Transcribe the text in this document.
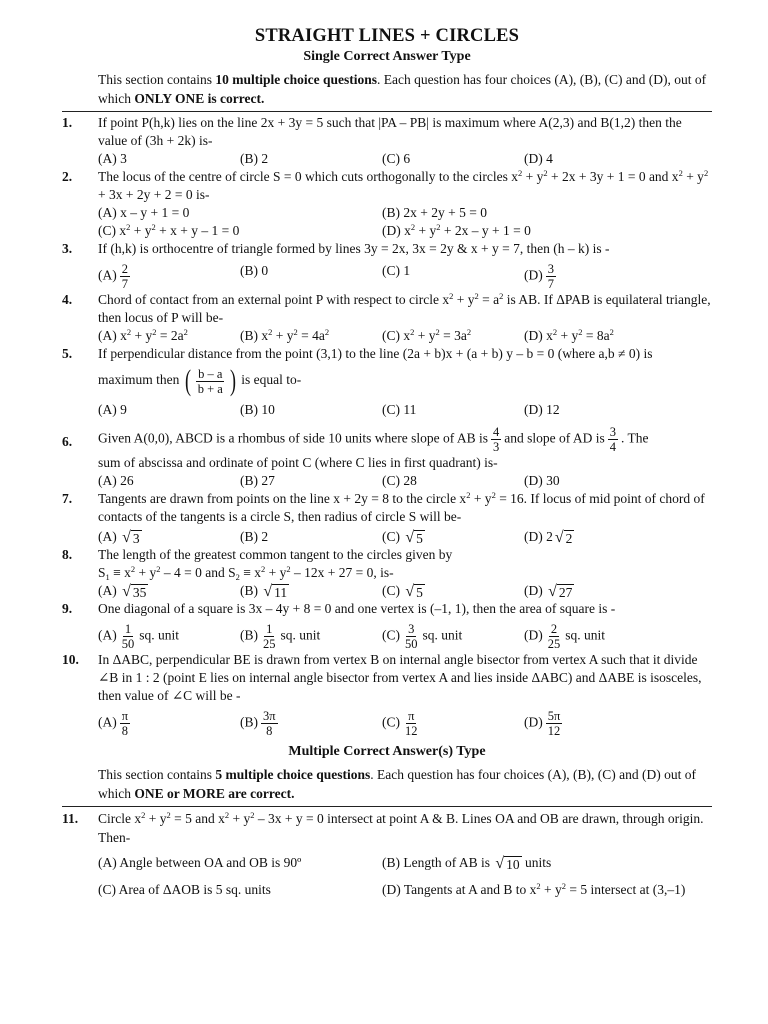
STRAIGHT LINES + CIRCLES
Single Correct Answer Type
This section contains 10 multiple choice questions. Each question has four choices (A), (B), (C) and (D), out of which ONLY ONE is correct.
1.	If point P(h,k) lies on the line 2x + 3y = 5 such that |PA – PB| is maximum where A(2,3) and B(1,2) then the value of (3h + 2k) is-
(A) 3	(B) 2	(C) 6	(D) 4
2.	The locus of the centre of circle S = 0 which cuts orthogonally to the circles $x^2 + y^2 + 2x + 3y + 1 = 0$ and $x^2 + y^2 + 3x + 2y + 2 = 0$ is-
(A) x – y + 1 = 0	(B) 2x + 2y + 5 = 0
(C) $x^2 + y^2 + x + y - 1 = 0$	(D) $x^2 + y^2 + 2x - y + 1 = 0$
3.	If (h,k) is orthocentre of triangle formed by lines 3y = 2x, 3x = 2y & x + y = 7, then (h – k) is -
$(A) \frac{2}{7}$	(B) 0	(C) 1	$(D) \frac{3}{7}$
4.	Chord of contact from an external point P with respect to circle $x^2 + y^2 = a^2$ is AB. If ΔPAB is equilateral triangle, then locus of P will be-
(A) $x^2 + y^2 = 2a^2$	(B) $x^2 + y^2 = 4a^2$	(C) $x^2 + y^2 = 3a^2$	(D) $x^2 + y^2 = 8a^2$
5.	If perpendicular distance from the point (3,1) to the line (2a + b)x + (a + b) y – b = 0 (where a,b ≠ 0) is
maximum then ( $\frac{b - a}{b + a}$ ) is equal to-
(A) 9	(B) 10	(C) 11	(D) 12
6.	Given A(0,0), ABCD is a rhombus of side 10 units where slope of AB is $\frac{4}{3}$ and slope of AD is $\frac{3}{4}$ . The
sum of abscissa and ordinate of point C (where C lies in first quadrant) is-
(A) 26	(B) 27	(C) 28	(D) 30
7.	Tangents are drawn from points on the line x + 2y = 8 to the circle $x^2 + y^2 = 16$. If locus of mid point of chord of contacts of the tangents is a circle S, then radius of circle S will be-
(A) √ 3	(B) 2	(C) √ 5	(D) 2 √ 2
8.	The length of the greatest common tangent to the circles given by
$S_1 \equiv x^2 + y^2 - 4 = 0$ and $S_2 \equiv x^2 + y^2 - 12x + 27 = 0$, is-
(A) √ 35	(B) √ 11	(C) √ 5	(D) √ 27
9.	One diagonal of a square is 3x – 4y + 8 = 0 and one vertex is (–1, 1), then the area of square is -
$(A) \frac{1}{50}$ sq. unit	$(B) \frac{1}{25}$ sq. unit	$(C) \frac{3}{50}$ sq. unit	$(D) \frac{2}{25}$ sq. unit
10.	In ΔABC, perpendicular BE is drawn from vertex B on internal angle bisector from vertex A such that it divide ∠B in 1 : 2 (point E lies on internal angle bisector from vertex A and lies inside ΔABC) and ΔABE is isosceles, then value of ∠C will be -
$(A) \frac{\pi}{8}$	$(B) \frac{3\pi}{8}$	$(C) \frac{\pi}{12}$	$(D) \frac{5\pi}{12}$
Multiple Correct Answer(s) Type
This section contains 5 multiple choice questions. Each question has four choices (A), (B), (C) and (D) out of which ONE or MORE are correct.
11.	Circle $x^2 + y^2 = 5$ and $x^2 + y^2 - 3x + y = 0$ intersect at point A & B. Lines OA and OB are drawn, through origin. Then-
(A) Angle between OA and OB is 90º	(B) Length of AB is √ 10 units
(C) Area of ΔAOB is 5 sq. units	(D) Tangents at A and B to $x^2 + y^2 = 5$ intersect at (3,–1)
